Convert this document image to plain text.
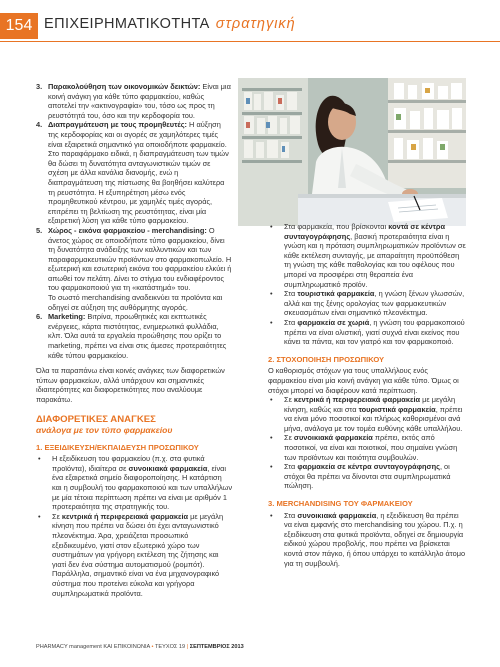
154 ΕΠΙΧΕΙΡΗΜΑΤΙΚΟΤΗΤΑ στρατηγική
3. Παρακολούθηση των οικονομικών δεικτών: Είναι μια κοινή ανάγκη για κάθε τύπο φαρμακείου, καθώς αποτελεί την «ακτινογραφία» του, τόσο ως προς τη ρευστότητά του, όσο και την κερδοφορία του.
4. Διαπραγμάτευση με τους προμηθευτές: Η αύξηση της κερδοφορίας και οι αγορές σε χαμηλότερες τιμές είναι εξαιρετικά σημαντικό για οποιοδήποτε φαρμακείο. Στο παραφάρμακο ειδικά, η διαπραγμάτευση των τιμών θα δώσει τη δυνατότητα ανταγωνιστικών τιμών σε σχέση με άλλα κανάλια διανομής, ενώ η διαπραγμάτευση της πίστωσης θα βοηθήσει καλύτερα τη ρευστότητα. Η εξυπηρέτηση μέσω ενός προμηθευτικού κέντρου, με χαμηλές τιμές αγοράς, επιτρέπει τη βελτίωση της ρευστότητας, είναι μία εξαιρετική λύση για κάθε τύπο φαρμακείου.
5. Χώρος - εικόνα φαρμακείου - merchandising: Ο άνετος χώρος σε οποιοδήποτε τύπο φαρμακείου, δίνει τη δυνατότητα ανάδειξης των καλλυντικών και των παραφαρμακευτικών προϊόντων στο φαρμακοπωλείο. Η εξωτερική και εσωτερική εικόνα του φαρμακείου ελκύει ή απωθεί τον πελάτη. Δίνει το στίγμα του ενδιαφέροντος του φαρμακοποιού για τη «κατάστημά» του.
Το σωστό merchandising αναδεικνύει τα προϊόντα και οδηγεί σε αύξηση της αυθόρμητης αγοράς.
6. Marketing: Βιτρίνα, προωθητικές και εκπτωτικές ενέργειες, κάρτα πιστότητας, ενημερωτικά φυλλάδια, κλπ. Όλα αυτά τα εργαλεία προώθησης που ορίζει το marketing, πρέπει να είναι στις άμεσες προτεραιότητες κάθε τύπου φαρμακείου.

Όλα τα παραπάνω είναι κοινές ανάγκες των διαφορετικών τύπων φαρμακείων, αλλά υπάρχουν και σημαντικές ιδιαιτερότητες και διαφορετικότητες που αναλύουμε παρακάτω.

ΔΙΑΦΟΡΕΤΙΚΕΣ ΑΝΑΓΚΕΣ
ανάλογα με τον τύπο φαρμακείου
1. ΕΞΕΙΔΙΚΕΥΣΗ/ΕΚΠΑΙΔΕΥΣΗ ΠΡΟΣΩΠΙΚΟΥ
• Η εξειδίκευση του φαρμακείου (π.χ. στα φυτικά προϊόντα), ιδιαίτερα σε συνοικιακά φαρμακεία, είναι ένα εξαιρετικά σημείο διαφοροποίησης. Η κατάρτιση και η συμβουλή του φαρμακοποιού και των υπαλλήλων με μία τέτοια περίπτωση πρέπει να είναι με αριθμόν 1 προτεραιότητα της στρατηγικής του.
• Σε κεντρικά ή περιφερειακά φαρμακεία με μεγάλη κίνηση που πρέπει να δώσει ότι έχει ανταγωνιστικό πλεονέκτημα. Άρα, χρειάζεται προσωπικό εξειδικευμένο, γιατί στον εξωτερικό χώρο των συστημάτων για γρήγορη εκτέλεση της ζήτησης και γιατί δεν ένα σύστημα αυτοματισμού (ρομπότ). Παράλληλα, σημαντικό είναι να ένα μηχανογραφικό σύστημα που προτείνει εύκολα και γρήγορα συμπληρωματικά προϊόντα.
• Στα φαρμακεία, που βρίσκονται κοντά σε κέντρα συνταγογράφησης, βασική προτεραιότητα είναι η γνώση και η πρόταση συμπληρωματικών προϊόντων σε κάθε εκτέλεση συνταγής, με απαραίτητη προϋπόθεση τη γνώση της κάθε παθολογίας και του οφέλους που μπορεί να προσφέρει στη θεραπεία ένα συμπληρωματικό προϊόν.
• Στα τουριστικά φαρμακεία, η γνώση ξένων γλωσσών, αλλά και της ξένης ορολογίας των φαρμακευτικών σκευασμάτων είναι σημαντικό πλεονέκτημα.
• Στα φαρμακεία σε χωριά, η γνώση του φαρμακοποιού πρέπει να είναι ολιστική, γιατί συχνά είναι εκείνος που κάνει τα πάντα, και τον γιατρό και τον φαρμακοποιό.
2. ΣΤΟΧΟΠΟΙΗΣΗ ΠΡΟΣΩΠΙΚΟΥ

Ο καθορισμός στόχων για τους υπαλλήλους ενός φαρμακείου είναι μία κοινή ανάγκη για κάθε τύπο. Όμως οι στόχοι μπορεί να διαφέρουν κατά περίπτωση.

• Σε κεντρικά ή περιφερειακά φαρμακεία με μεγάλη κίνηση, καθώς και στα τουριστικά φαρμακεία, πρέπει να είναι μόνο ποσοτικοί και πλήρως καθορισμένοι ανά μήνα, ανάλογα με τον τομέα ευθύνης κάθε υπαλλήλου.
• Σε συνοικιακά φαρμακεία πρέπει, εκτός από ποσοτικοί, να είναι και ποιοτικοί, που σημαίνει γνώση των προϊόντων και ποιότητα συμβουλών.
• Στα φαρμακεία σε κέντρα συνταγογράφησης, οι στόχοι θα πρέπει να δίνονται στα συμπληρωματικά πώληση.
3. MERCHANDISING ΤΟΥ ΦΑΡΜΑΚΕΙΟΥ
• Στα συνοικιακά φαρμακεία, η εξειδίκευση θα πρέπει να είναι εμφανής στο merchandising του χώρου. Π.χ. η εξειδίκευση στα φυτικά προϊόντα, οδηγεί σε δημιουργία ειδικού χώρου προβολής, που πρέπει να βρίσκεται κοντά στον πάγκο, ή όπου υπάρχει το κατάλληλο άτομο για τη συμβουλή.
PHARMACY management ΚΑΙ ΕΠΙΚΟΙΝΩΝΙΑ • ΤΕΥΧΟΣ 19 | ΣΕΠΤΕΜΒΡΙΟΣ 2013
